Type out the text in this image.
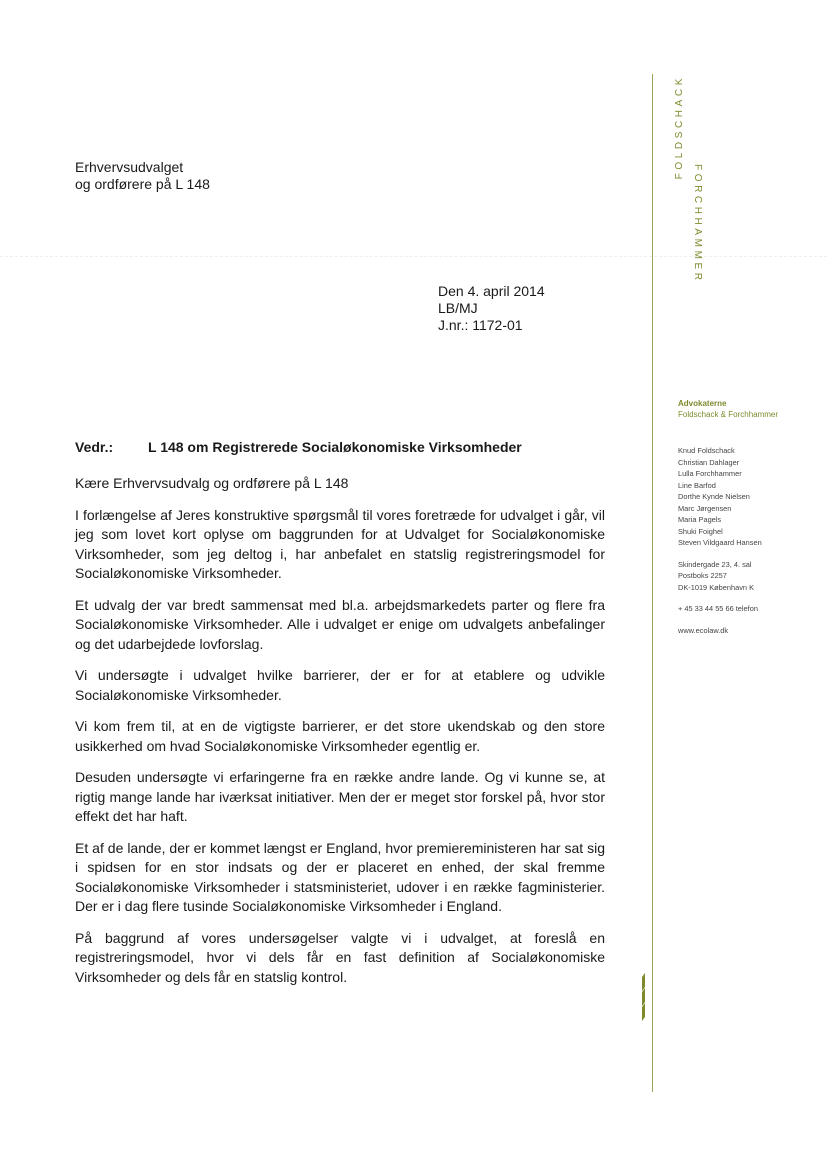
FOLDSCHACK
FORCHHAMMER
Erhvervsudvalget
og ordførere på L 148
Den 4. april 2014
LB/MJ
J.nr.: 1172-01
Vedr.: L 148 om Registrerede Socialøkonomiske Virksomheder

Kære Erhvervsudvalg og ordførere på L 148

I forlængelse af Jeres konstruktive spørgsmål til vores foretræde for udvalget i går, vil jeg som lovet kort oplyse om baggrunden for at Udvalget for Socialøkonomiske Virksomheder, som jeg deltog i, har anbefalet en statslig registreringsmodel for Socialøkonomiske Virksomheder.

Et udvalg der var bredt sammensat med bl.a. arbejdsmarkedets parter og flere fra Socialøkonomiske Virksomheder. Alle i udvalget er enige om udvalgets anbefalinger og det udarbejdede lovforslag.

Vi undersøgte i udvalget hvilke barrierer, der er for at etablere og udvikle Socialøkonomiske Virksomheder.

Vi kom frem til, at en de vigtigste barrierer, er det store ukendskab og den store usikkerhed om hvad Socialøkonomiske Virksomheder egentlig er.

Desuden undersøgte vi erfaringerne fra en række andre lande. Og vi kunne se, at rigtig mange lande har iværksat initiativer. Men der er meget stor forskel på, hvor stor effekt det har haft.

Et af de lande, der er kommet længst er England, hvor premiereministeren har sat sig i spidsen for en stor indsats og der er placeret en enhed, der skal fremme Socialøkonomiske Virksomheder i statsministeriet, udover i en række fagministerier. Der er i dag flere tusinde Socialøkonomiske Virksomheder i England.

På baggrund af vores undersøgelser valgte vi i udvalget, at foreslå en registreringsmodel, hvor vi dels får en fast definition af Socialøkonomiske Virksomheder og dels får en statslig kontrol.

Advokaterne
Foldschack & Forchhammer
Knud Foldschack
Christian Dahlager
Lulla Forchhammer
Line Barfod
Dorthe Kynde Nielsen
Marc Jørgensen
Maria Pagels
Shuki Foighel
Steven Vildgaard Hansen
Skindergade 23, 4. sal
Postboks 2257
DK-1019 København K
+ 45 33 44 55 66 telefon
www.ecolaw.dk
